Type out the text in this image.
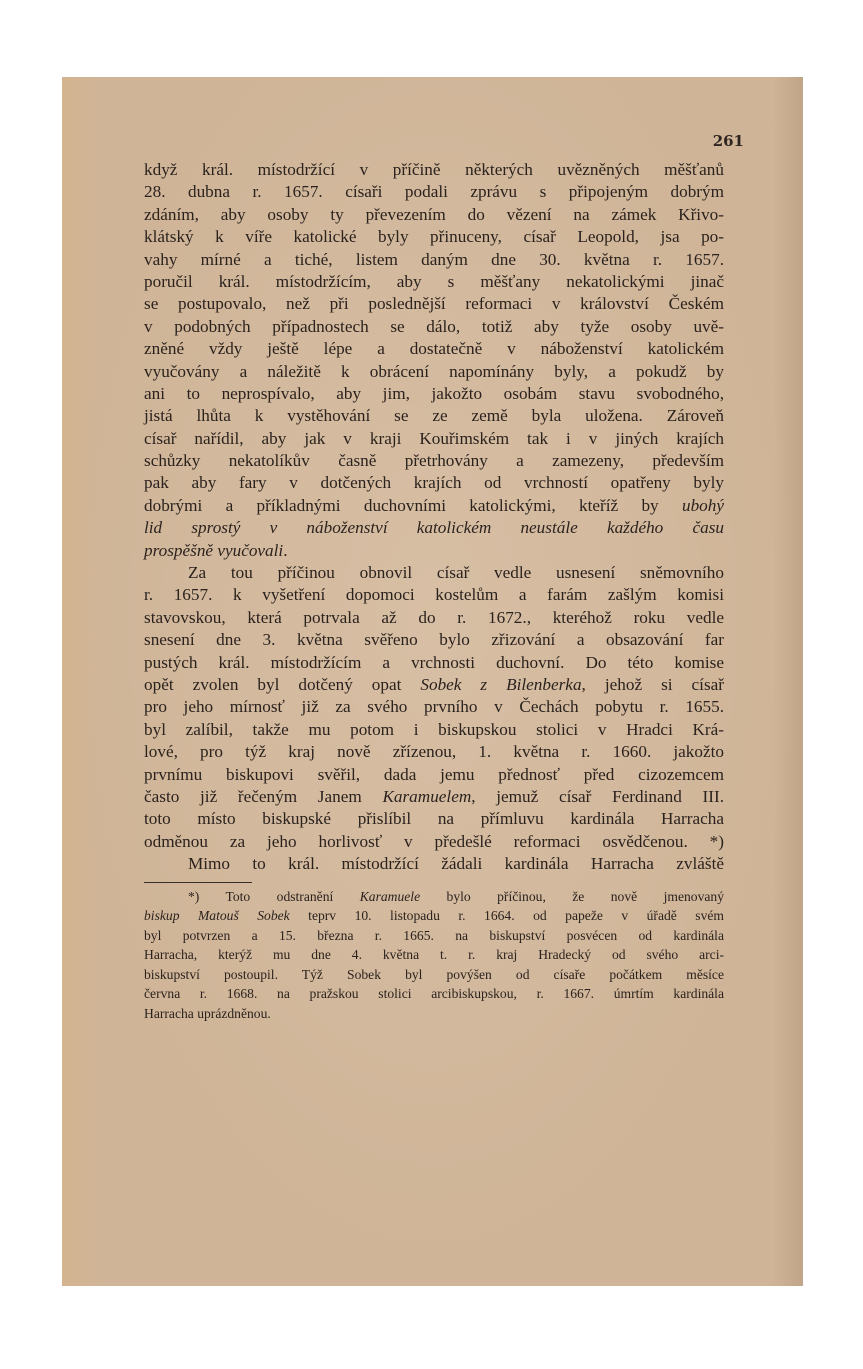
261
když král. místodržící v příčině některých uvězněných měšťanů
28. dubna r. 1657. císaři podali zprávu s připojeným dobrým
zdáním, aby osoby ty převezením do vězení na zámek Křivo-
klátský k víře katolické byly přinuceny, císař Leopold, jsa po-
vahy mírné a tiché, listem daným dne 30. května r. 1657.
poručil král. místodržícím, aby s měšťany nekatolickými jinač
se postupovalo, než při poslednější reformaci v království Českém
v podobných případnostech se dálo, totiž aby tyže osoby uvě-
zněné vždy ještě lépe a dostatečně v náboženství katolickém
vyučovány a náležitě k obrácení napomínány byly, a pokudž by
ani to neprospívalo, aby jim, jakožto osobám stavu svobodného,
jistá lhůta k vystěhování se ze země byla uložena. Zároveň
císař nařídil, aby jak v kraji Kouřimském tak i v jiných krajích
schůzky nekatolíkův časně přetrhovány a zamezeny, především
pak aby fary v dotčených krajích od vrchností opatřeny byly
dobrými a příkladnými duchovními katolickými, kteříž by ubohý
lid sprostý v náboženství katolickém neustále každého času
prospěšně vyučovali.
Za tou příčinou obnovil císař vedle usnesení sněmovního
r. 1657. k vyšetření dopomoci kostelům a farám zašlým komisi
stavovskou, která potrvala až do r. 1672., kteréhož roku vedle
snesení dne 3. května svěřeno bylo zřizování a obsazování far
pustých král. místodržícím a vrchnosti duchovní. Do této komise
opět zvolen byl dotčený opat Sobek z Bilenberka, jehož si císař
pro jeho mírnosť již za svého prvního v Čechách pobytu r. 1655.
byl zalíbil, takže mu potom i biskupskou stolici v Hradci Krá-
lové, pro týž kraj nově zřízenou, 1. května r. 1660. jakožto
prvnímu biskupovi svěřil, dada jemu přednosť před cizozemcem
často již řečeným Janem Karamuelem, jemuž císař Ferdinand III.
toto místo biskupské přislíbil na přímluvu kardinála Harracha
odměnou za jeho horlivosť v předešlé reformaci osvědčenou. *)
Mimo to král. místodržící žádali kardinála Harracha zvláště
*) Toto odstranění Karamuele bylo příčinou, že nově jmenovaný
biskup Matouš Sobek teprv 10. listopadu r. 1664. od papeže v úřadě svém
byl potvrzen a 15. března r. 1665. na biskupství posvécen od kardinála
Harracha, kterýž mu dne 4. května t. r. kraj Hradecký od svého arci-
biskupství postoupil. Týž Sobek byl povýšen od císaře počátkem měsíce
června r. 1668. na pražskou stolici arcibiskupskou, r. 1667. úmrtím kardinála
Harracha uprázdněnou.
